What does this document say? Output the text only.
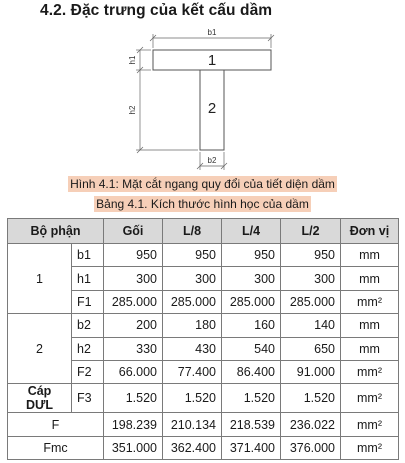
4.2. Đặc trưng của kết cấu dầm
b1
h1
h2
b2
1
2
Hình 4.1: Mặt cắt ngang quy đổi của tiết diện dầm
Bảng 4.1. Kích thước hình học của dầm
Bộ phận		Gối	L/8	L/4	L/2	Đơn vị
1	b1	950	950	950	950	mm
	h1	300	300	300	300	mm
	F1	285.000	285.000	285.000	285.000	mm²
2	b2	200	180	160	140	mm
	h2	330	430	540	650	mm
	F2	66.000	77.400	86.400	91.000	mm²
Cáp DƯL	F3	1.520	1.520	1.520	1.520	mm²
F		198.239	210.134	218.539	236.022	mm²
Fmc		351.000	362.400	371.400	376.000	mm²
